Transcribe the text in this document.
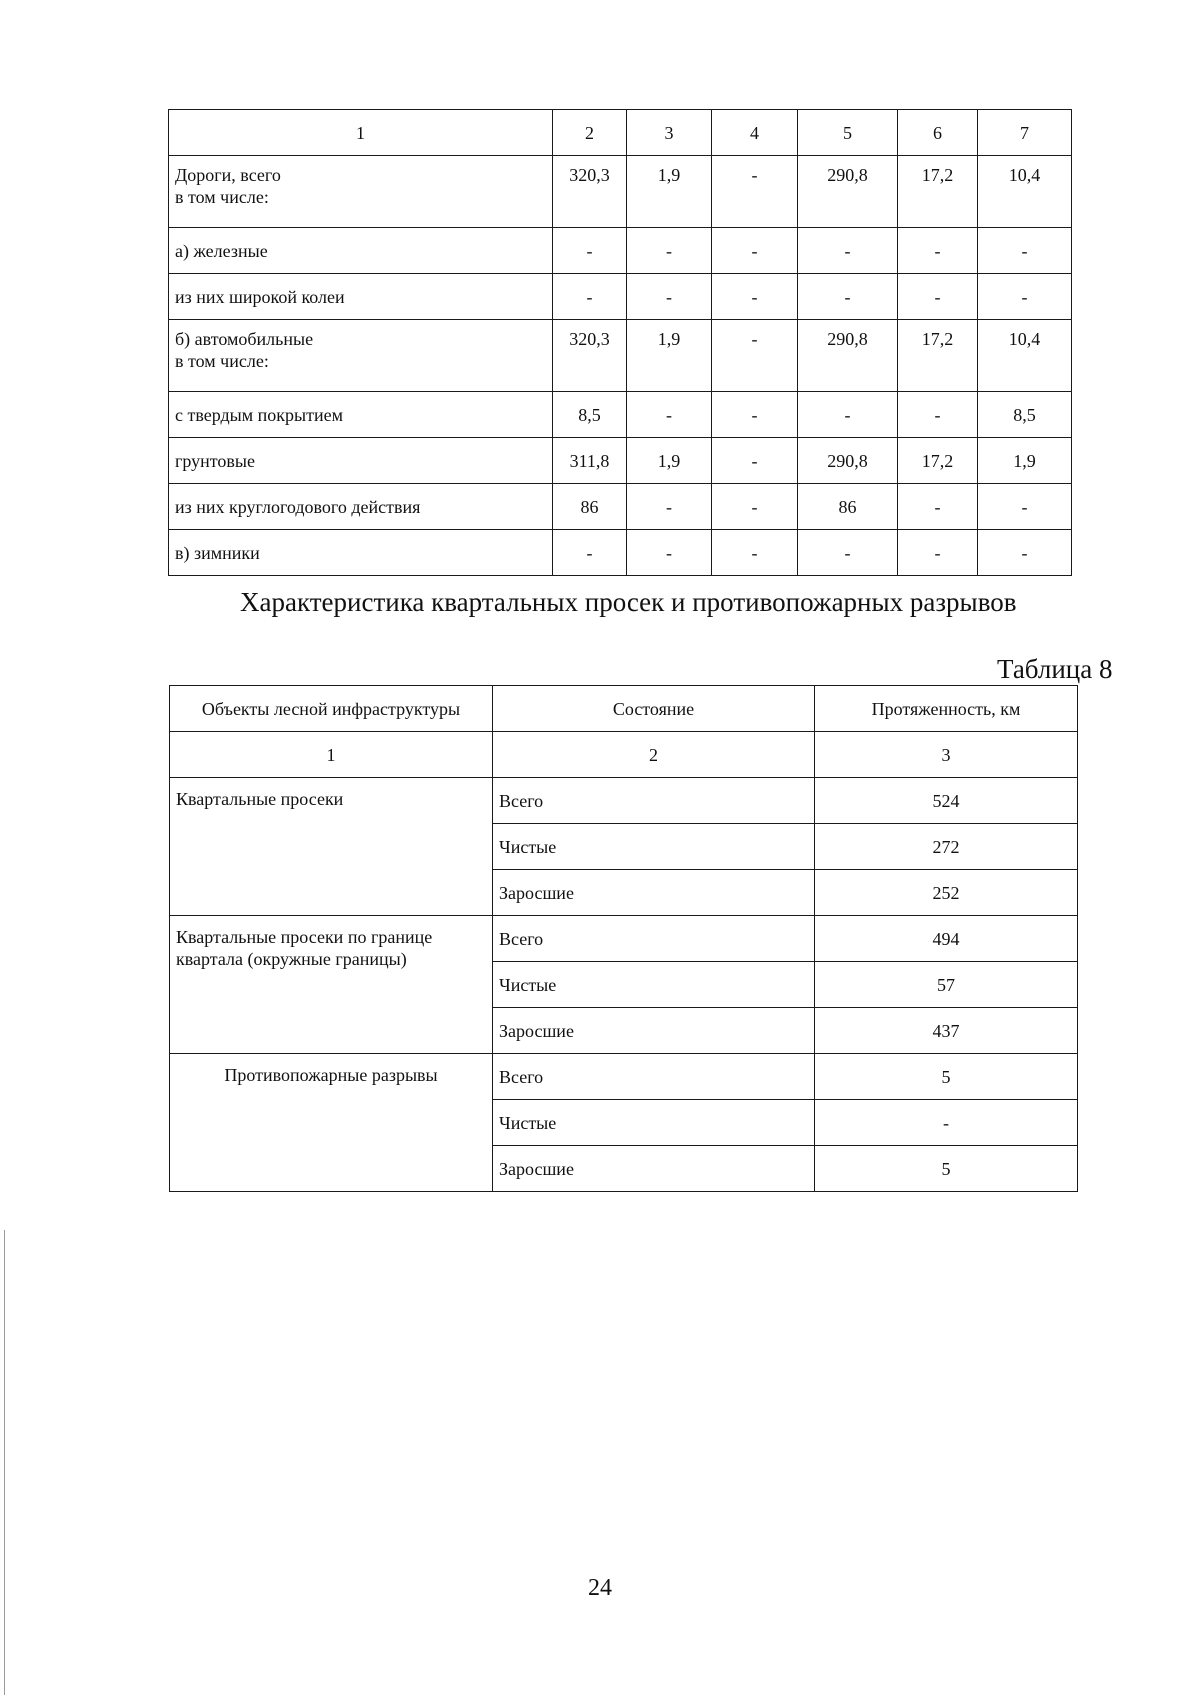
1	2	3	4	5	6	7

Дороги, всего
в том числе:	320,3	1,9	-	290,8	17,2	10,4

а) железные	-	-	-	-	-	-

из них широкой колеи	-	-	-	-	-	-

б) автомобильные
в том числе:	320,3	1,9	-	290,8	17,2	10,4

с твердым покрытием	8,5	-	-	-	-	8,5

грунтовые	311,8	1,9	-	290,8	17,2	1,9

из них круглогодового действия	86	-	-	86	-	-

в) зимники	-	-	-	-	-	-
Характеристика квартальных просек и противопожарных разрывов
Таблица 8
Объекты лесной инфраструктуры	Состояние	Протяженность, км
1	2	3
Квартальные просеки	Всего	524
	Чистые	272
	Заросшие	252
Квартальные просеки по границе квартала (окружные границы)	Всего	494
	Чистые	57
	Заросшие	437
Противопожарные разрывы	Всего	5
	Чистые	-
	Заросшие	5
24
